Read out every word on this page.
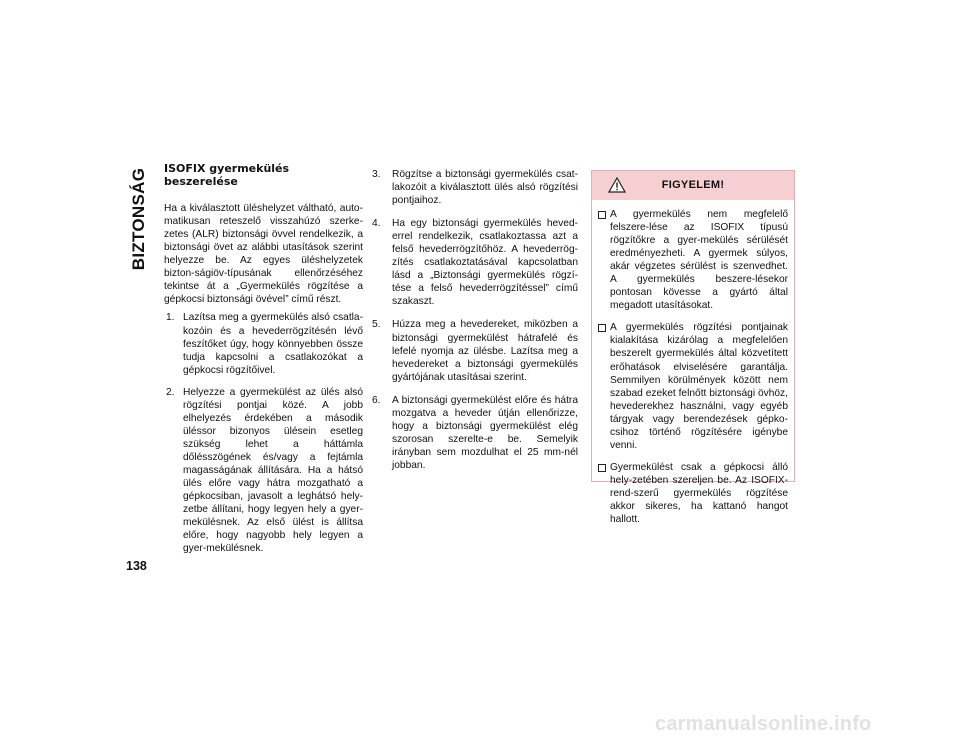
BIZTONSÁG ISOFIX gyermekülés beszerelése

Ha a kiválasztott üléshelyzet váltható, auto-matikusan reteszelő visszahúzó szerke-zetes (ALR) biztonsági övvel rendelkezik, a biztonsági övet az alábbi utasítások szerint helyezze be. Az egyes üléshelyzetek bizton-ságiöv-típusának ellenőrzéséhez tekintse át a „Gyermekülés rögzítése a gépkocsi biztonsági övével” című részt.

1. Lazítsa meg a gyermekülés alsó csatla-kozóin és a hevederrögzítésén lévő feszítőket úgy, hogy könnyebben össze tudja kapcsolni a csatlakozókat a gépkocsi rögzítőivel.
2. Helyezze a gyermekülést az ülés alsó rögzítési pontjai közé. A jobb elhelyezés érdekében a második üléssor bizonyos ülésein esetleg szükség lehet a háttámla dőlésszögének és/vagy a fejtámla magasságának állítására. Ha a hátsó ülés előre vagy hátra mozgatható a gépkocsiban, javasolt a leghátsó hely-zetbe állítani, hogy legyen hely a gyer-mekülésnek. Az első ülést is állítsa előre, hogy nagyobb hely legyen a gyer-mekülésnek.
3. Rögzítse a biztonsági gyermekülés csat-lakozóit a kiválasztott ülés alsó rögzítési pontjaihoz.
4. Ha egy biztonsági gyermekülés heved-errel rendelkezik, csatlakoztassa azt a felső hevederrögzítőhöz. A hevederrög-zítés csatlakoztatásával kapcsolatban lásd a „Biztonsági gyermekülés rögzí-tése a felső hevederrögzítéssel” című szakaszt.
5. Húzza meg a hevedereket, miközben a biztonsági gyermekülést hátrafelé és lefelé nyomja az ülésbe. Lazítsa meg a hevedereket a biztonsági gyermekülés gyártójának utasításai szerint.
6. A biztonsági gyermekülést előre és hátra mozgatva a heveder útján ellenőrizze, hogy a biztonsági gyermekülést elég szorosan szerelte-e be. Semelyik irányban sem mozdulhat el 25 mm-nél jobban.
FIGYELEM!
A gyermekülés nem megfelelő felszere-lése az ISOFIX típusú rögzítőkre a gyer-mekülés sérülését eredményezheti. A gyermek súlyos, akár végzetes sérülést is szenvedhet. A gyermekülés beszere-lésekor pontosan kövesse a gyártó által megadott utasításokat.
A gyermekülés rögzítési pontjainak kialakítása kizárólag a megfelelően beszerelt gyermekülés által közvetített erőhatások elviselésére garantálja. Semmilyen körülmények között nem szabad ezeket felnőtt biztonsági övhöz, hevederekhez használni, vagy egyéb tárgyak vagy berendezések gépko-csihoz történő rögzítésére igénybe venni.
Gyermekülést csak a gépkocsi álló hely-zetében szereljen be. Az ISOFIX-rend-szerű gyermekülés rögzítése akkor sikeres, ha kattanó hangot hallott.
138
carmanualsonline.info
